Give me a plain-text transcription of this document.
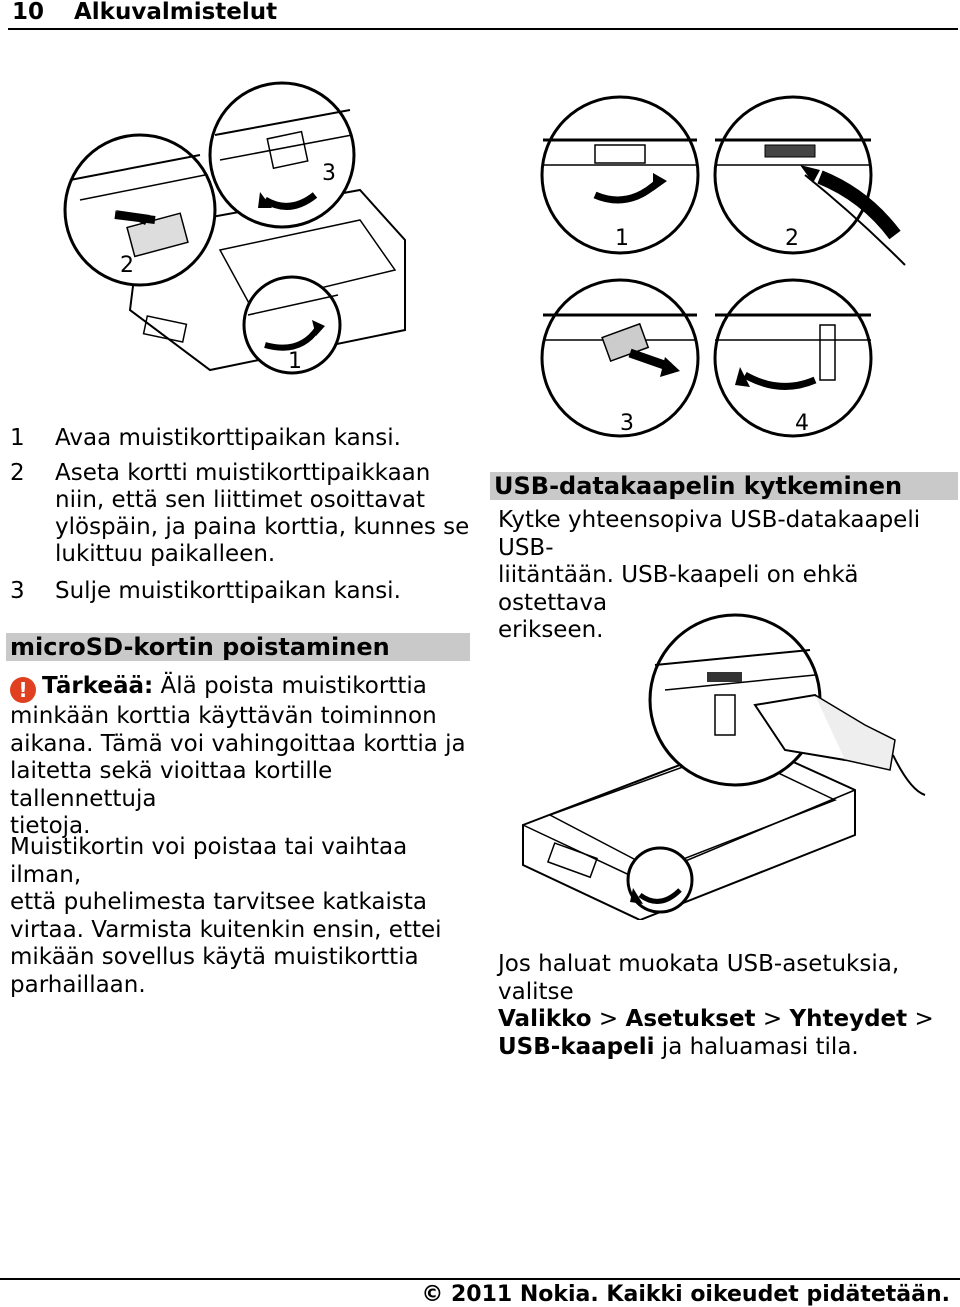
10 Alkuvalmistelut
2
3
1
1	Avaa muistikorttipaikan kansi.
2	Aseta kortti muistikorttipaikkaan
niin, että sen liittimet osoittavat
ylöspäin, ja paina korttia, kunnes se
lukittuu paikalleen.
3	Sulje muistikorttipaikan kansi.
1	2
3	4
USB-datakaapelin kytkeminen
Kytke yhteensopiva USB-datakaapeli USB-
liitäntään. USB-kaapeli on ehkä ostettava
erikseen.
microSD-kortin poistaminen
! Tärkeää: Älä poista muistikorttia
minkään korttia käyttävän toiminnon
aikana. Tämä voi vahingoittaa korttia ja
laitetta sekä vioittaa kortille tallennettuja
tietoja.
Muistikortin voi poistaa tai vaihtaa ilman,
että puhelimesta tarvitsee katkaista
virtaa. Varmista kuitenkin ensin, ettei
mikään sovellus käytä muistikorttia
parhaillaan.
Jos haluat muokata USB-asetuksia, valitse
Valikko > Asetukset > Yhteydet >
USB-kaapeli ja haluamasi tila.
© 2011 Nokia. Kaikki oikeudet pidätetään.
